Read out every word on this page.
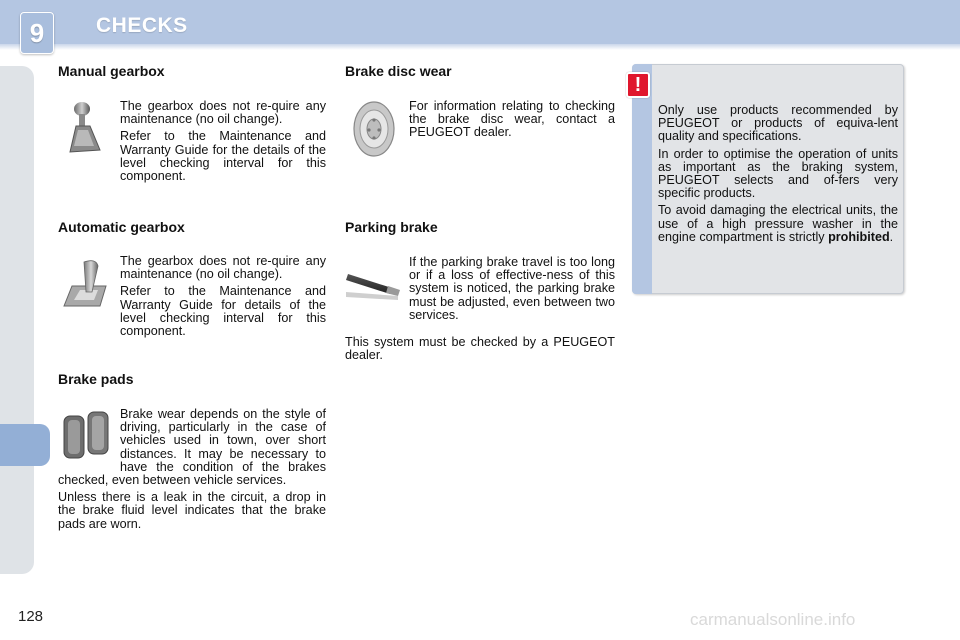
9	CHECKS
Manual gearbox

The gearbox does not re-quire any maintenance (no oil change).

Refer to the Maintenance and Warranty Guide for the details of the level checking interval for this component.

Automatic gearbox

The gearbox does not re-quire any maintenance (no oil change).

Refer to the Maintenance and Warranty Guide for details of the level checking interval for this component.

Brake pads

Brake wear depends on the style of driving, particularly in the case of vehicles used in town, over short distances. It may be necessary to have the condition of the brakes checked, even between vehicle services.

Unless there is a leak in the circuit, a drop in the brake fluid level indicates that the brake pads are worn.

Brake disc wear

For information relating to checking the brake disc wear, contact a PEUGEOT dealer.

Parking brake

If the parking brake travel is too long or if a loss of effective-ness of this system is noticed, the parking brake must be adjusted, even between two services.

This system must be checked by a PEUGEOT dealer.

!

Only use products recommended by PEUGEOT or products of equiva-lent quality and specifications.

In order to optimise the operation of units as important as the braking system, PEUGEOT selects and of-fers very specific products.

To avoid damaging the electrical units, the use of a high pressure washer in the engine compartment is strictly prohibited.

128	carmanualsonline.info
